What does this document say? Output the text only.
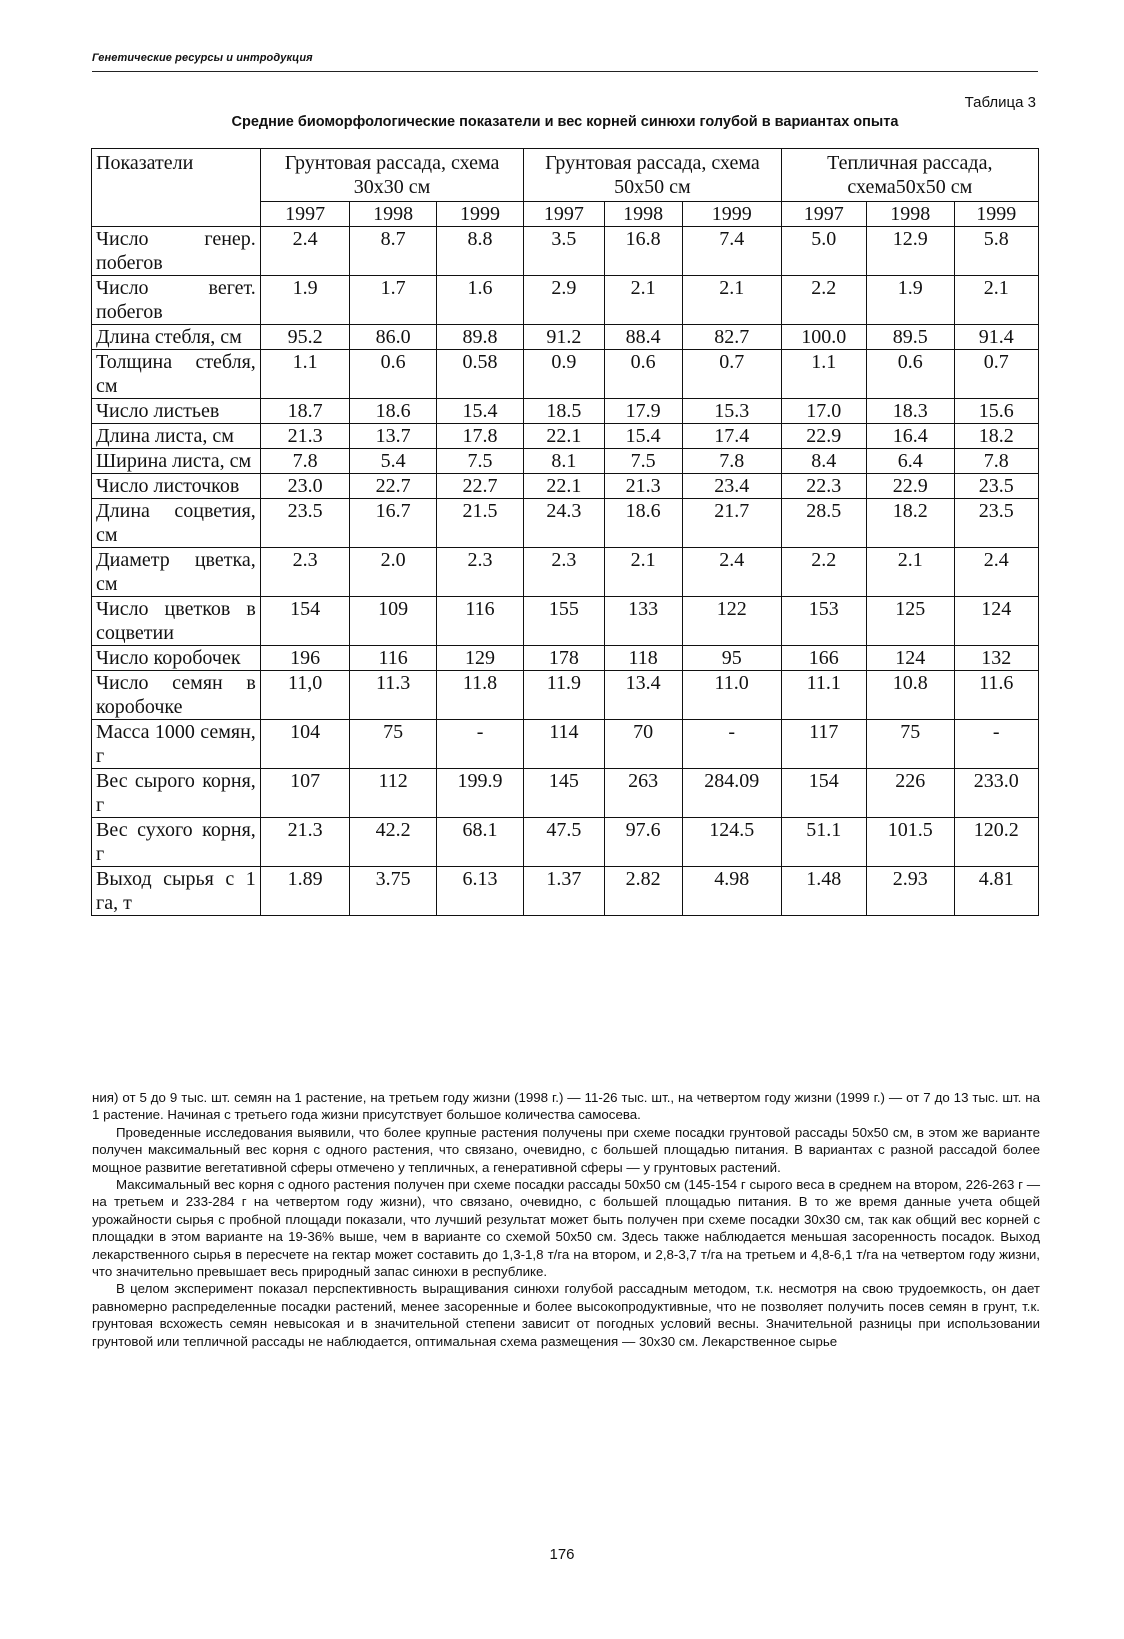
Генетические ресурсы и интродукция
Таблица 3
Средние биоморфологические показатели и вес корней синюхи голубой в вариантах опыта
Показатели	Грунтовая рассада, схема 30х30 см			Грунтовая рассада, схема 50х50 см			Тепличная рассада, схема50х50 см		
	1997	1998	1999	1997	1998	1999	1997	1998	1999
Число генер. побегов	2.4	8.7	8.8	3.5	16.8	7.4	5.0	12.9	5.8
Число вегет. побегов	1.9	1.7	1.6	2.9	2.1	2.1	2.2	1.9	2.1
Длина стебля, см	95.2	86.0	89.8	91.2	88.4	82.7	100.0	89.5	91.4
Толщина стебля, см	1.1	0.6	0.58	0.9	0.6	0.7	1.1	0.6	0.7
Число листьев	18.7	18.6	15.4	18.5	17.9	15.3	17.0	18.3	15.6
Длина листа, см	21.3	13.7	17.8	22.1	15.4	17.4	22.9	16.4	18.2
Ширина листа, см	7.8	5.4	7.5	8.1	7.5	7.8	8.4	6.4	7.8
Число листочков	23.0	22.7	22.7	22.1	21.3	23.4	22.3	22.9	23.5
Длина соцветия, см	23.5	16.7	21.5	24.3	18.6	21.7	28.5	18.2	23.5
Диаметр цветка, см	2.3	2.0	2.3	2.3	2.1	2.4	2.2	2.1	2.4
Число цветков в соцветии	154	109	116	155	133	122	153	125	124
Число коробочек	196	116	129	178	118	95	166	124	132
Число семян в коробочке	11,0	11.3	11.8	11.9	13.4	11.0	11.1	10.8	11.6
Масса 1000 семян, г	104	75	-	114	70	-	117	75	-
Вес сырого корня, г	107	112	199.9	145	263	284.09	154	226	233.0
Вес сухого корня, г	21.3	42.2	68.1	47.5	97.6	124.5	51.1	101.5	120.2
Выход сырья с 1 га, т	1.89	3.75	6.13	1.37	2.82	4.98	1.48	2.93	4.81

ния) от 5 до 9 тыс. шт. семян на 1 растение, на третьем году жизни (1998 г.) — 11-26 тыс. шт., на четвертом году жизни (1999 г.) — от 7 до 13 тыс. шт. на 1 растение. Начиная с третьего года жизни присутствует большое количества самосева.

Проведенные исследования выявили, что более крупные растения получены при схеме посадки грунтовой рассады 50х50 см, в этом же варианте получен максимальный вес корня с одного растения, что связано, очевидно, с большей площадью питания. В вариантах с разной рассадой более мощное развитие вегетативной сферы отмечено у тепличных, а генеративной сферы — у грунтовых растений.

Максимальный вес корня с одного растения получен при схеме посадки рассады 50х50 см (145-154 г сырого веса в среднем на втором, 226-263 г — на третьем и 233-284 г на четвертом году жизни), что связано, очевидно, с большей площадью питания. В то же время данные учета общей урожайности сырья с пробной площади показали, что лучший результат может быть получен при схеме посадки 30х30 см, так как общий вес корней с площадки в этом варианте на 19-36% выше, чем в варианте со схемой 50х50 см. Здесь также наблюдается меньшая засоренность посадок. Выход лекарственного сырья в пересчете на гектар может составить до 1,3-1,8 т/га на втором, и 2,8-3,7 т/га на третьем и 4,8-6,1 т/га на четвертом году жизни, что значительно превышает весь природный запас синюхи в республике.

В целом эксперимент показал перспективность выращивания синюхи голубой рассадным методом, т.к. несмотря на свою трудоемкость, он дает равномерно распределенные посадки растений, менее засоренные и более высокопродуктивные, что не позволяет получить посев семян в грунт, т.к. грунтовая всхожесть семян невысокая и в значительной степени зависит от погодных условий весны. Значительной разницы при использовании грунтовой или тепличной рассады не наблюдается, оптимальная схема размещения — 30х30 см. Лекарственное сырье

176
